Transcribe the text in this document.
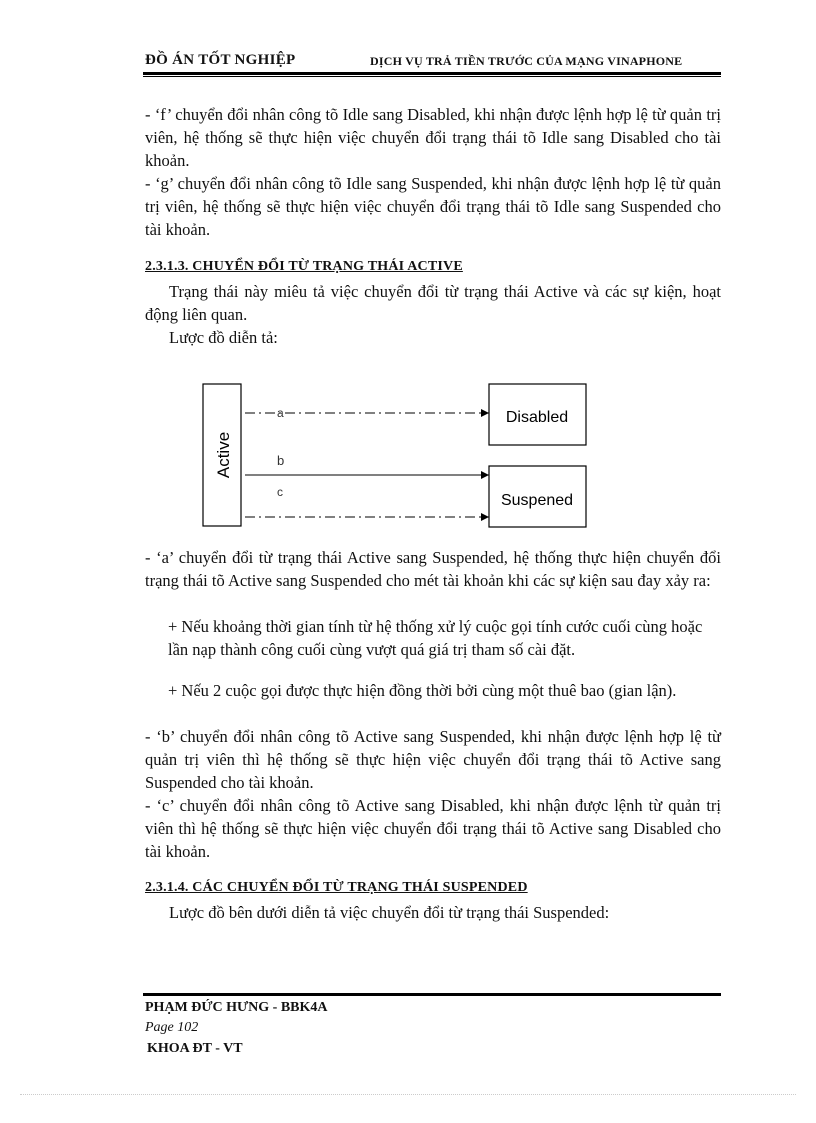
ĐỒ ÁN TỐT NGHIỆP	DỊCH VỤ TRẢ TIỀN TRƯỚC CỦA MẠNG VINAPHONE

- ‘f’ chuyển đổi nhân công tõ Idle sang Disabled, khi nhận được lệnh hợp lệ từ quản trị viên, hệ thống sẽ thực hiện việc chuyển đổi trạng thái tõ Idle sang Disabled cho tài khoản.

- ‘g’ chuyển đổi nhân công tõ Idle sang Suspended, khi nhận được lệnh hợp lệ từ quản trị viên, hệ thống sẽ thực hiện việc chuyển đổi trạng thái tõ Idle sang Suspended cho tài khoản.

2.3.1.3. CHUYỂN ĐỔI TỪ TRẠNG THÁI ACTIVE

Trạng thái này miêu tả việc chuyển đổi từ trạng thái Active và các sự kiện, hoạt động liên quan.

Lược đồ diễn tả:

Active
Disabled
Suspened
a
b
c
- ‘a’ chuyển đổi từ trạng thái Active sang Suspended, hệ thống thực hiện chuyển đổi trạng thái tõ Active sang Suspended cho mét tài khoản khi các sự kiện sau đay xảy ra:
+ Nếu khoảng thời gian tính từ hệ thống xử lý cuộc gọi tính cước cuối cùng hoặc lần nạp thành công cuối cùng vượt quá giá trị tham số cài đặt.
+ Nếu 2 cuộc gọi được thực hiện đồng thời bởi cùng một thuê bao (gian lận).
- ‘b’ chuyển đổi nhân công tõ Active sang Suspended, khi nhận được lệnh hợp lệ từ quản trị viên thì hệ thống sẽ thực hiện việc chuyển đổi trạng thái tõ Active sang Suspended cho tài khoản.
- ‘c’ chuyển đổi nhân công tõ Active sang Disabled, khi nhận được lệnh từ quản trị viên thì hệ thống sẽ thực hiện việc chuyển đổi trạng thái tõ Active sang Disabled cho tài khoản.
2.3.1.4. CÁC CHUYỂN ĐỔI TỪ TRẠNG THÁI SUSPENDED

Lược đồ bên dưới diễn tả việc chuyển đổi từ trạng thái Suspended:

PHẠM ĐỨC HƯNG - BBK4A
Page 102
KHOA ĐT - VT
